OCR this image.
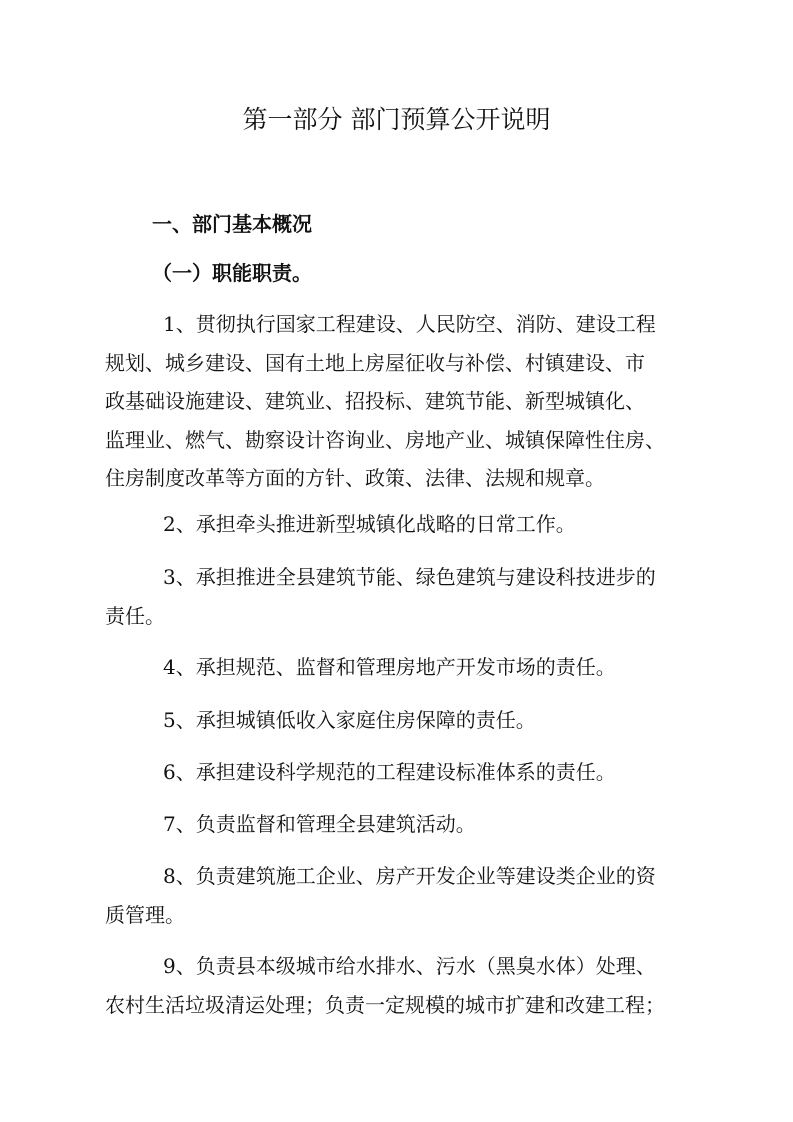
第一部分 部门预算公开说明
一、部门基本概况
（一）职能职责。

1、贯彻执行国家工程建设、人民防空、消防、建设工程
规划、城乡建设、国有土地上房屋征收与补偿、村镇建设、市
政基础设施建设、建筑业、招投标、建筑节能、新型城镇化、
监理业、燃气、勘察设计咨询业、房地产业、城镇保障性住房、
住房制度改革等方面的方针、政策、法律、法规和规章。

2、承担牵头推进新型城镇化战略的日常工作。

3、承担推进全县建筑节能、绿色建筑与建设科技进步的
责任。

4、承担规范、监督和管理房地产开发市场的责任。

5、承担城镇低收入家庭住房保障的责任。

6、承担建设科学规范的工程建设标准体系的责任。

7、负责监督和管理全县建筑活动。

8、负责建筑施工企业、房产开发企业等建设类企业的资
质管理。

9、负责县本级城市给水排水、污水（黑臭水体）处理、
农村生活垃圾清运处理；负责一定规模的城市扩建和改建工程；
